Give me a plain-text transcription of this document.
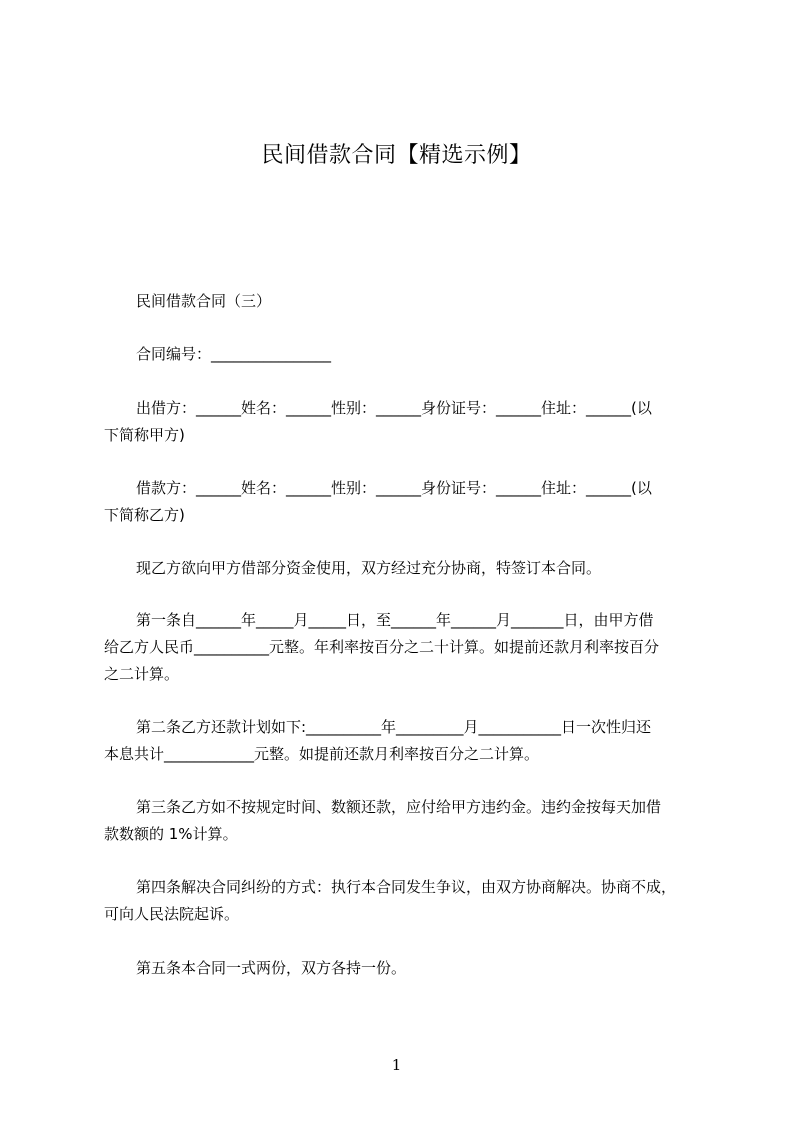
民间借款合同【精选示例】
民间借款合同（三）
合同编号：________________
出借方：______姓名：______性别：______身份证号：______住址：______(以
下简称甲方)
借款方：______姓名：______性别：______身份证号：______住址：______(以
下简称乙方)
现乙方欲向甲方借部分资金使用，双方经过充分协商，特签订本合同。
第一条自______年_____月_____日，至______年______月_______日，由甲方借
给乙方人民币__________元整。年利率按百分之二十计算。如提前还款月利率按百分
之二计算。
第二条乙方还款计划如下:__________年_________月___________日一次性归还
本息共计____________元整。如提前还款月利率按百分之二计算。
第三条乙方如不按规定时间、数额还款，应付给甲方违约金。违约金按每天加借
款数额的 1%计算。
第四条解决合同纠纷的方式：执行本合同发生争议，由双方协商解决。协商不成，
可向人民法院起诉。
第五条本合同一式两份，双方各持一份。
1
